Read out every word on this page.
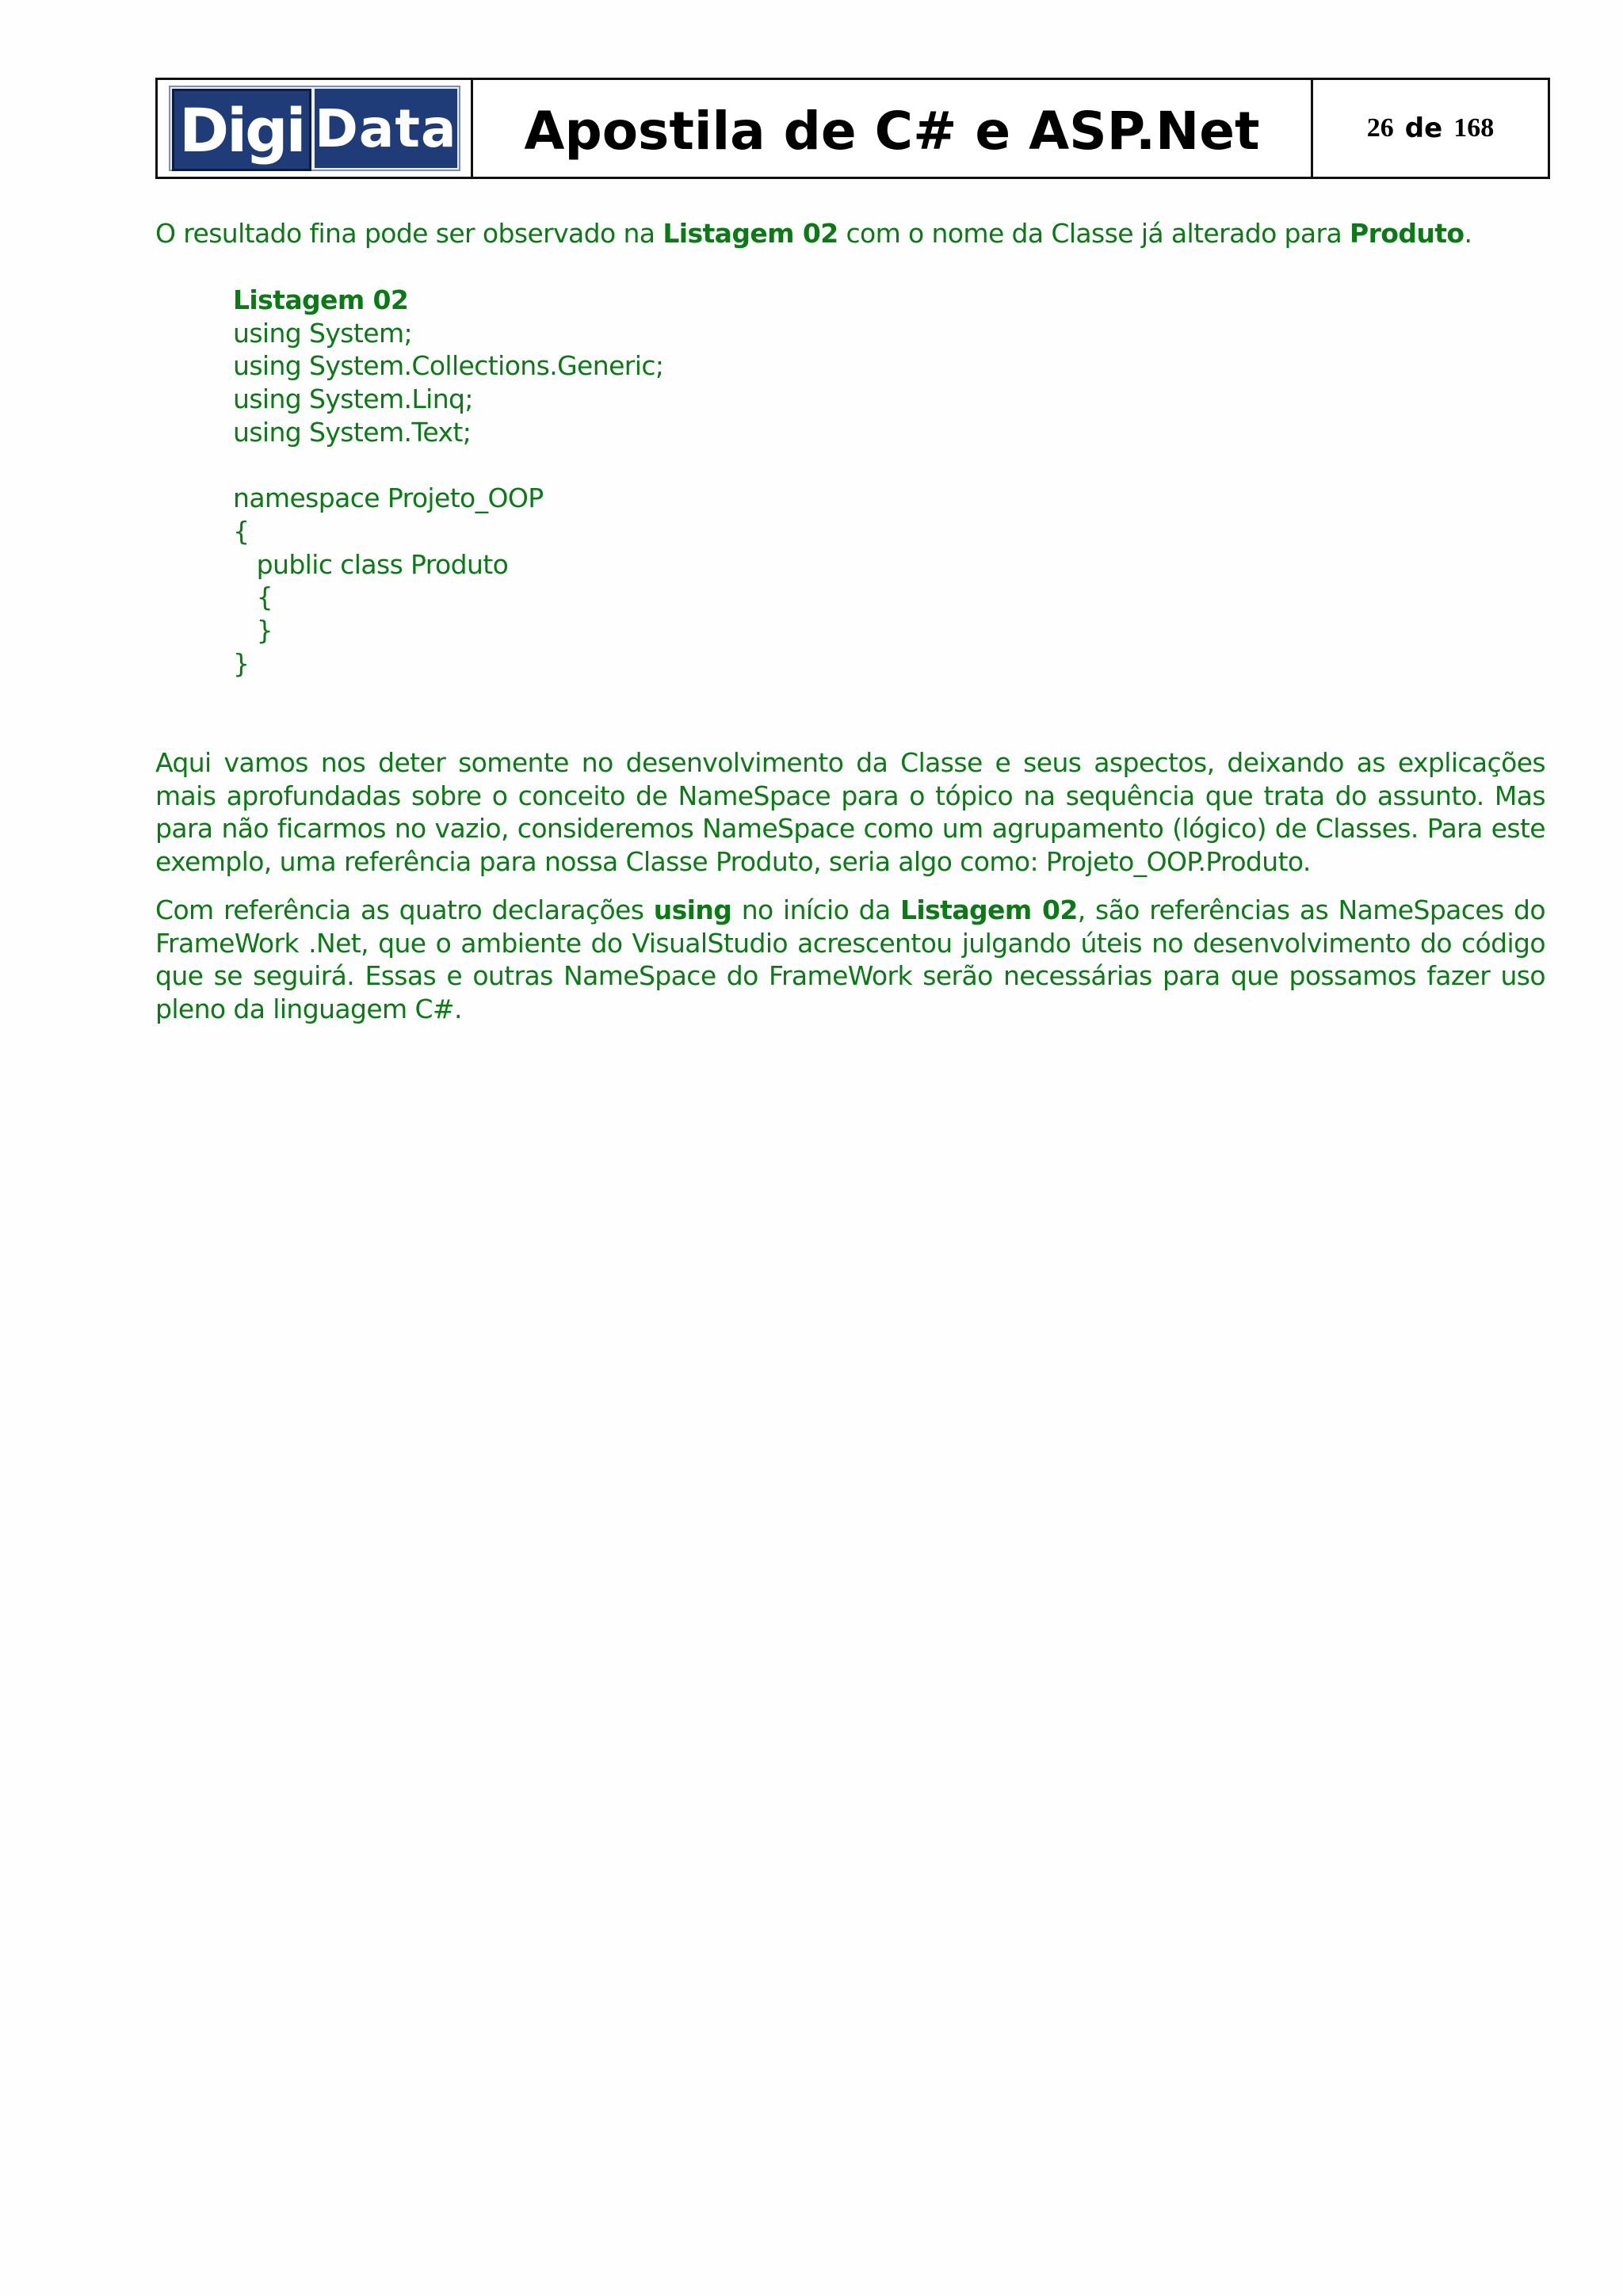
Digi Data	Apostila de C# e ASP.Net	26 de 168
O resultado fina pode ser observado na Listagem 02 com o nome da Classe já alterado para Produto.
Listagem 02
using System;
using System.Collections.Generic;
using System.Linq;
using System.Text;
namespace Projeto_OOP
{
public class Produto
{
}
}
Aqui vamos nos deter somente no desenvolvimento da Classe e seus aspectos, deixando as explicações mais aprofundadas sobre o conceito de NameSpace para o tópico na sequência que trata do assunto. Mas para não ficarmos no vazio, consideremos NameSpace como um agrupamento (lógico) de Classes. Para este exemplo, uma referência para nossa Classe Produto, seria algo como: Projeto_OOP.Produto.
Com referência as quatro declarações using no início da Listagem 02, são referências as NameSpaces do FrameWork .Net, que o ambiente do VisualStudio acrescentou julgando úteis no desenvolvimento do código que se seguirá. Essas e outras NameSpace do FrameWork serão necessárias para que possamos fazer uso pleno da linguagem C#.
